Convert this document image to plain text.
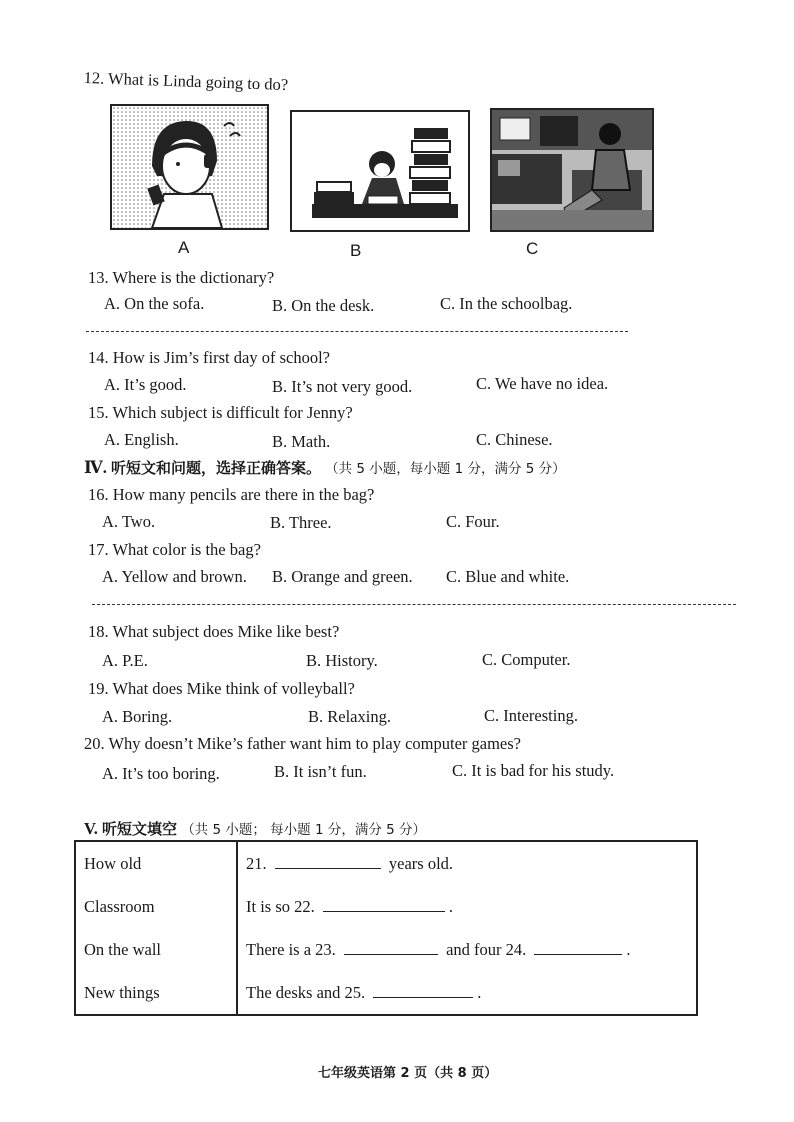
12. What is Linda going to do?
A	B	C
13. Where is the dictionary?
A. On the sofa.	B. On the desk.	C. In the schoolbag.
14. How is Jim’s first day of school?
A. It’s good.	B. It’s not very good.	C. We have no idea.
15. Which subject is difficult for Jenny?
A. English.	B. Math.	C. Chinese.
Ⅳ. 听短文和问题，选择正确答案。 （共 5 小题，每小题 1 分，满分 5 分）
16. How many pencils are there in the bag?
A. Two.	B. Three.	C. Four.
17. What color is the bag?
A. Yellow and brown. B. Orange and green. C. Blue and white.
18. What subject does Mike like best?
A. P.E.	B. History.	C. Computer.
19. What does Mike think of volleyball?
A. Boring.	B. Relaxing.	C. Interesting.
20. Why doesn’t Mike’s father want him to play computer games?
A. It’s too boring.	B. It isn’t fun.	C. It is bad for his study.
V. 听短文填空 （共 5 小题； 每小题 1 分，满分 5 分）
How old	21. years old.
Classroom	It is so 22. .
On the wall	There is a 23. and four 24. .
New things	The desks and 25. .
七年级英语第 2 页（共 8 页）
